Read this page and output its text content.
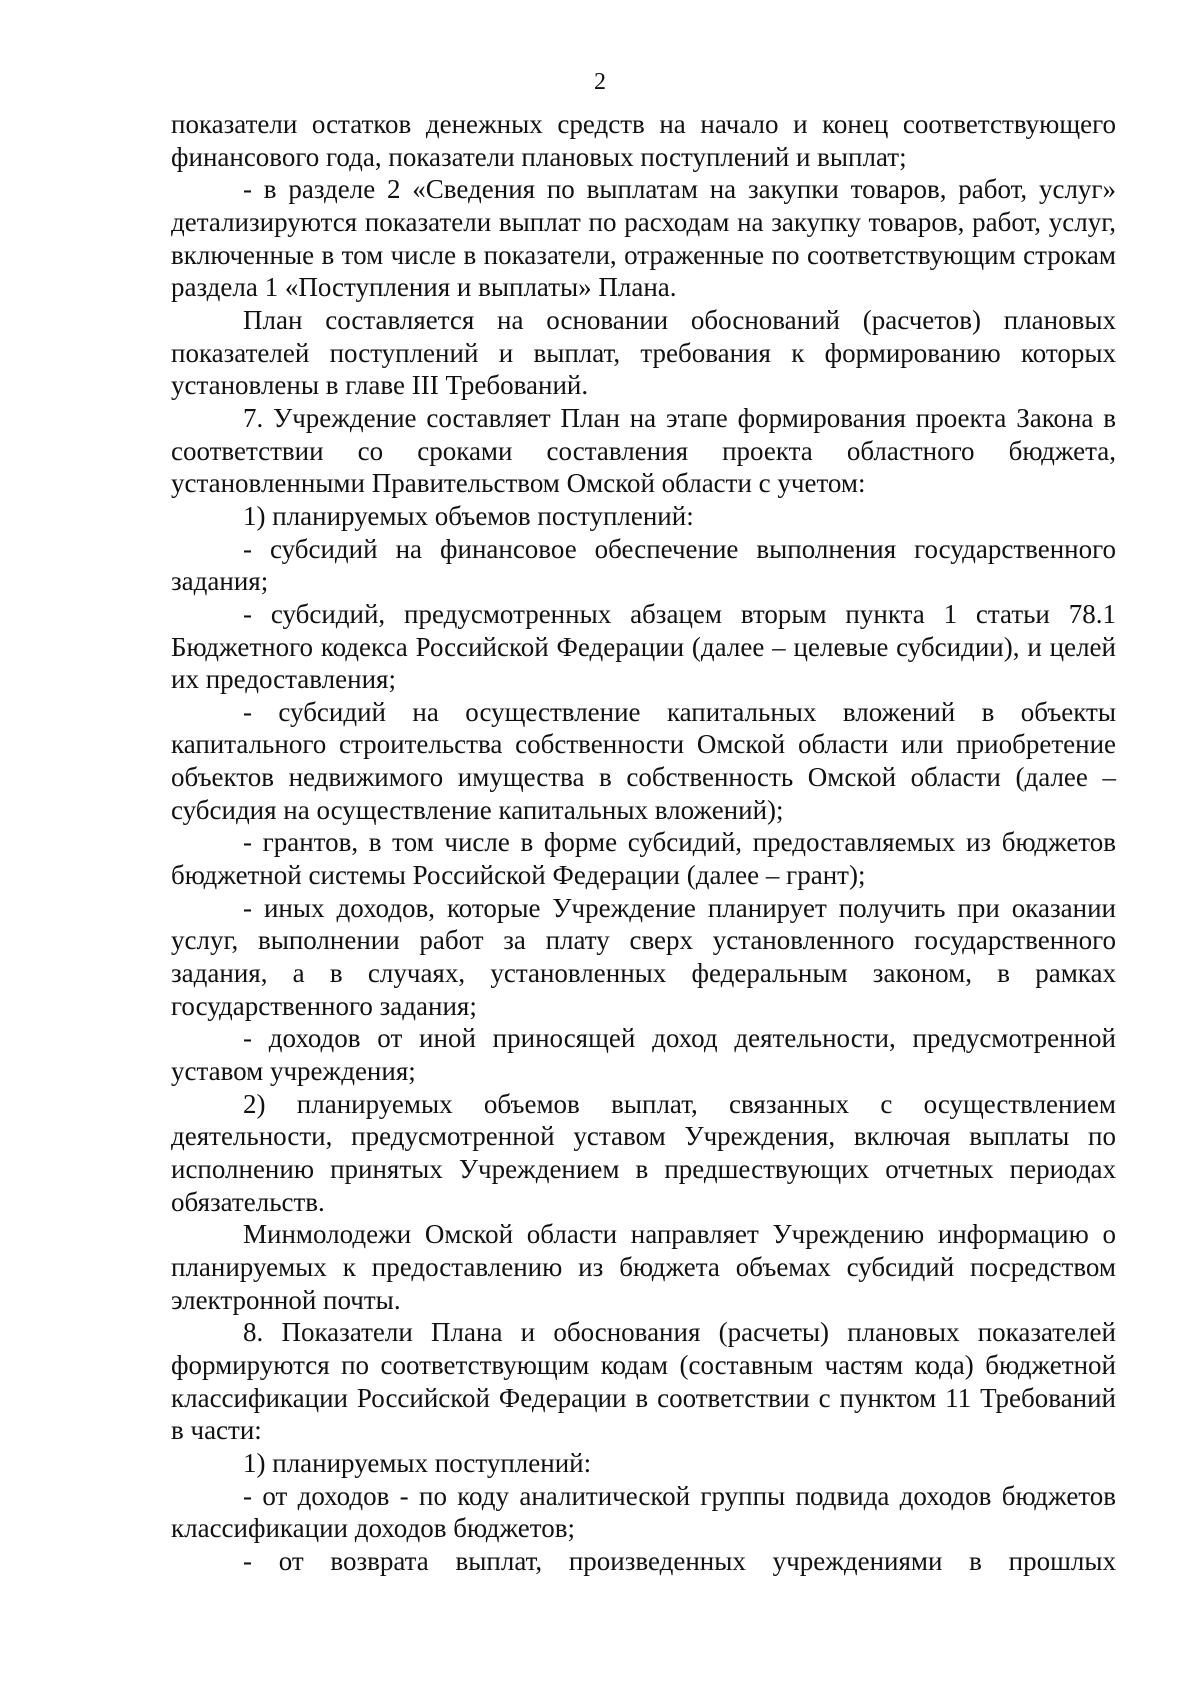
2

показатели остатков денежных средств на начало и конец соответствующего финансового года, показатели плановых поступлений и выплат;

- в разделе 2 «Сведения по выплатам на закупки товаров, работ, услуг» детализируются показатели выплат по расходам на закупку товаров, работ, услуг, включенные в том числе в показатели, отраженные по соответствующим строкам раздела 1 «Поступления и выплаты» Плана.

План составляется на основании обоснований (расчетов) плановых показателей поступлений и выплат, требования к формированию которых установлены в главе III Требований.

7. Учреждение составляет План на этапе формирования проекта Закона в соответствии со сроками составления проекта областного бюджета, установленными Правительством Омской области с учетом:

1) планируемых объемов поступлений:

- субсидий на финансовое обеспечение выполнения государственного задания;

- субсидий, предусмотренных абзацем вторым пункта 1 статьи 78.1 Бюджетного кодекса Российской Федерации (далее – целевые субсидии), и целей их предоставления;

- субсидий на осуществление капитальных вложений в объекты капитального строительства собственности Омской области или приобретение объектов недвижимого имущества в собственность Омской области (далее – субсидия на осуществление капитальных вложений);

- грантов, в том числе в форме субсидий, предоставляемых из бюджетов бюджетной системы Российской Федерации (далее – грант);

- иных доходов, которые Учреждение планирует получить при оказании услуг, выполнении работ за плату сверх установленного государственного задания, а в случаях, установленных федеральным законом, в рамках государственного задания;

- доходов от иной приносящей доход деятельности, предусмотренной уставом учреждения;

2) планируемых объемов выплат, связанных с осуществлением деятельности, предусмотренной уставом Учреждения, включая выплаты по исполнению принятых Учреждением в предшествующих отчетных периодах обязательств.

Минмолодежи Омской области направляет Учреждению информацию о планируемых к предоставлению из бюджета объемах субсидий посредством электронной почты.

8. Показатели Плана и обоснования (расчеты) плановых показателей формируются по соответствующим кодам (составным частям кода) бюджетной классификации Российской Федерации в соответствии с пунктом 11 Требований в части:

1) планируемых поступлений:

- от доходов - по коду аналитической группы подвида доходов бюджетов классификации доходов бюджетов;

- от возврата выплат, произведенных учреждениями в прошлых
